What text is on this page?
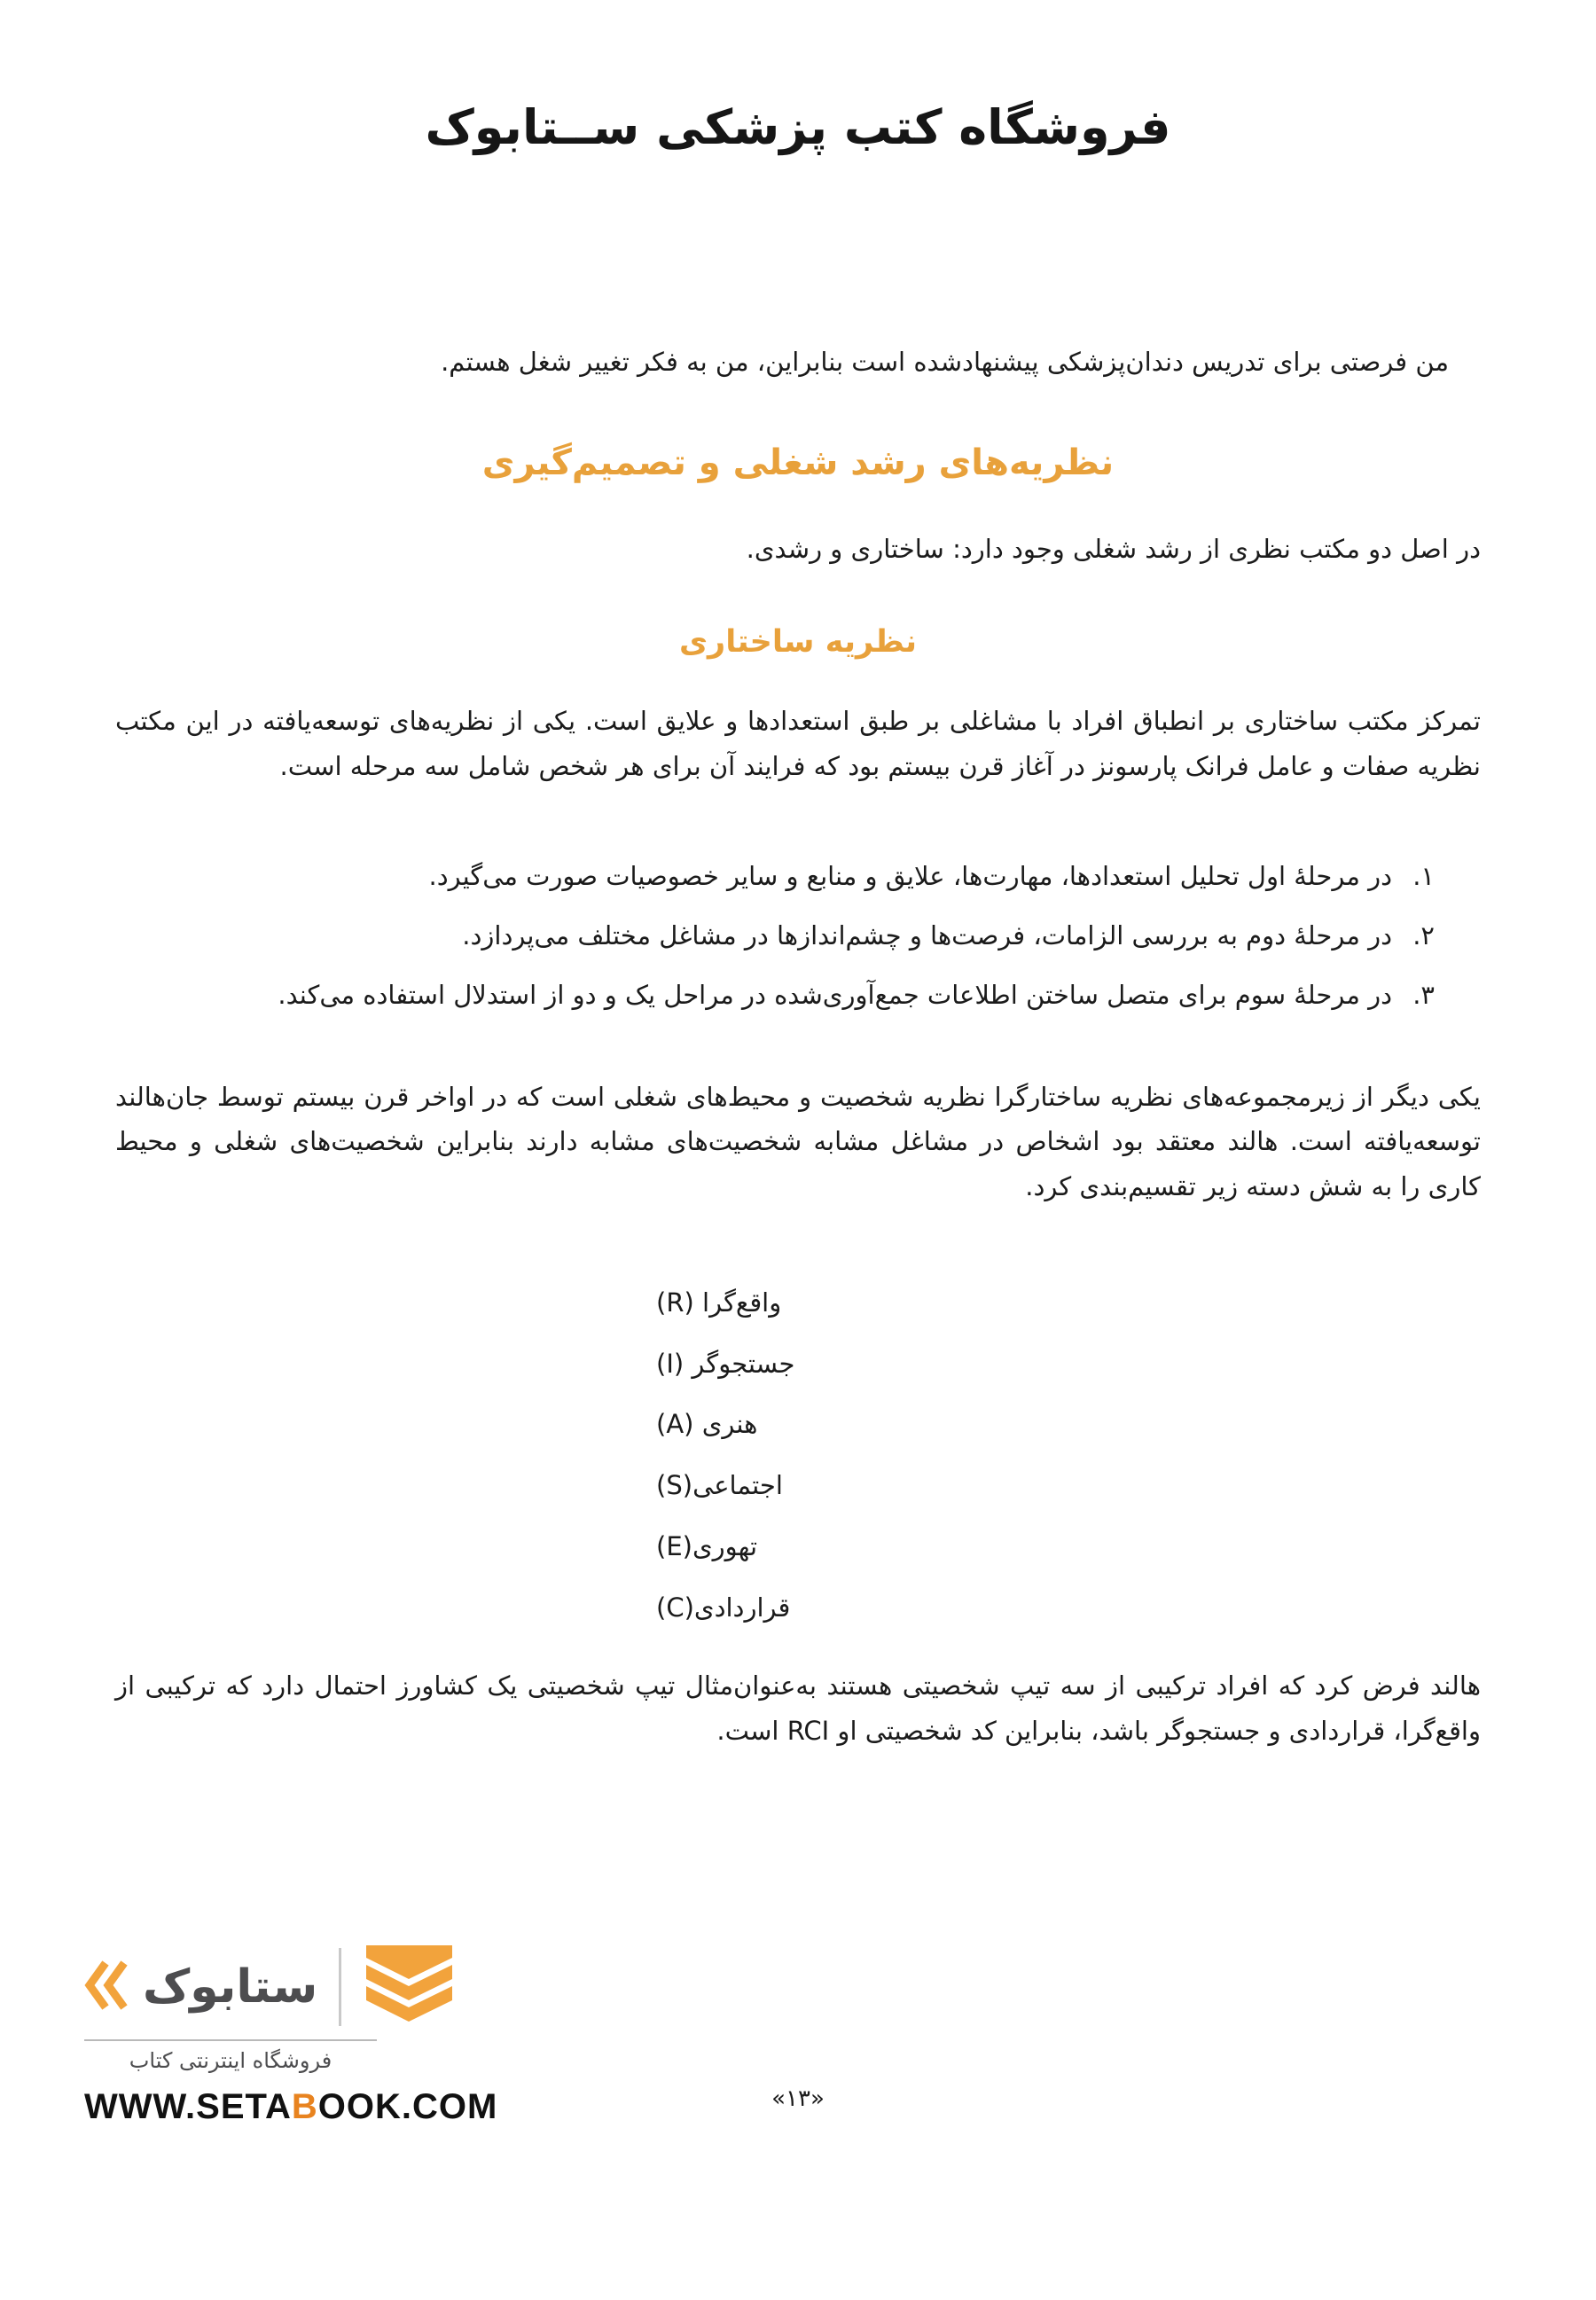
فروشگاه کتب پزشکی ســتابوک

من فرصتی برای تدریس دندان‌پزشکی پیشنهادشده است بنابراین، من به فکر تغییر شغل هستم.

نظریه‌های رشد شغلی و تصمیم‌گیری

در اصل دو مکتب نظری از رشد شغلی وجود دارد: ساختاری و رشدی.

نظریه ساختاری

تمرکز مکتب ساختاری بر انطباق افراد با مشاغلی بر طبق استعدادها و علایق است. یکی از نظریه‌های توسعه‌یافته در این مکتب نظریه صفات و عامل فرانک پارسونز در آغاز قرن بیستم بود که فرایند آن برای هر شخص شامل سه مرحله است.

۱.
در مرحلهٔ اول تحلیل استعدادها، مهارت‌ها، علایق و منابع و سایر خصوصیات صورت می‌گیرد.
۲.
در مرحلهٔ دوم به بررسی الزامات، فرصت‌ها و چشم‌اندازها در مشاغل مختلف می‌پردازد.
۳.
در مرحلهٔ سوم برای متصل ساختن اطلاعات جمع‌آوری‌شده در مراحل یک و دو از استدلال استفاده می‌کند.

یکی دیگر از زیرمجموعه‌های نظریه ساختارگرا نظریه شخصیت و محیط‌های شغلی است که در اواخر قرن بیستم توسط جان‌هالند توسعه‌یافته است. هالند معتقد بود اشخاص در مشاغل مشابه شخصیت‌های مشابه دارند بنابراین شخصیت‌های شغلی و محیط کاری را به شش دسته زیر تقسیم‌بندی کرد.

واقع‌گرا (R)
جستجوگر (I)
هنری (A)
اجتماعی(S)
تهوری(E)
قراردادی(C)

هالند فرض کرد که افراد ترکیبی از سه تیپ شخصیتی هستند به‌عنوان‌مثال تیپ شخصیتی یک کشاورز احتمال دارد که ترکیبی از واقع‌گرا، قراردادی و جستجوگر باشد، بنابراین کد شخصیتی او RCI است.

ستابوک
فروشگاه اینترنتی کتاب
WWW.SETABOOK.COM	«۱۳»
